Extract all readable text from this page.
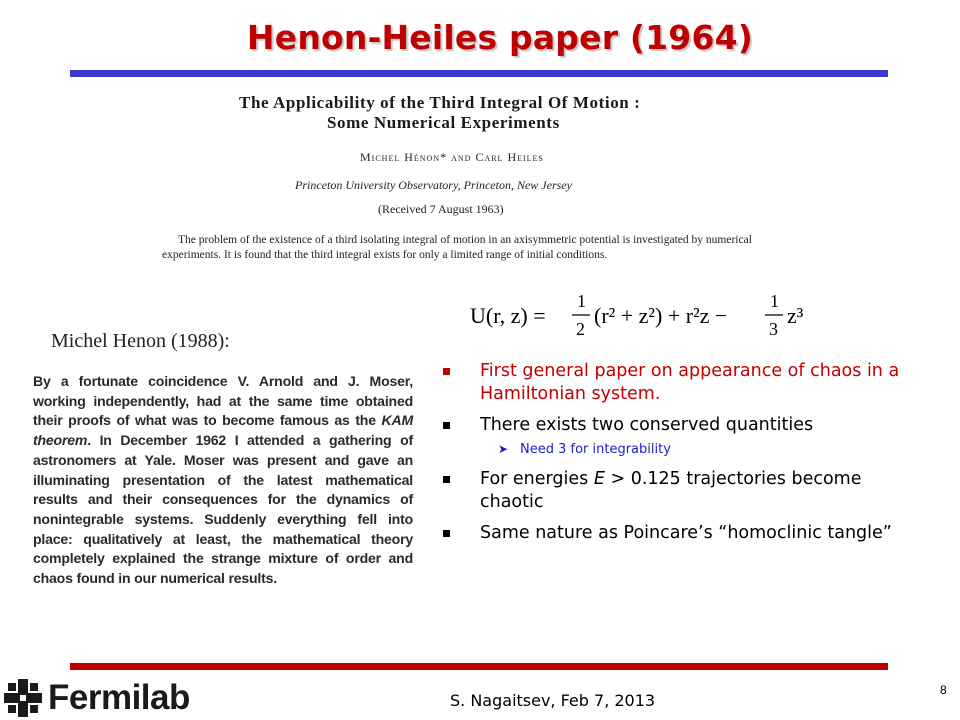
Henon-Heiles paper (1964)
The Applicability of the Third Integral Of Motion :
Some Numerical Experiments
Michel Hénon* and Carl Heiles
Princeton University Observatory, Princeton, New Jersey
(Received 7 August 1963)

The problem of the existence of a third isolating integral of motion in an axisymmetric potential is investigated by numerical experiments. It is found that the third integral exists for only a limited range of initial conditions.

U(r, z) =
1
2
(r² + z²) + r²z −
1
3
z³
Michel Henon (1988):

By a fortunate coincidence V. Arnold and J. Moser, working independently, had at the same time obtained their proofs of what was to become famous as the KAM theorem. In December 1962 I attended a gathering of astronomers at Yale. Moser was present and gave an illuminating presentation of the latest mathematical results and their consequences for the dynamics of nonintegrable systems. Suddenly everything fell into place: qualitatively at least, the mathematical theory completely explained the strange mixture of order and chaos found in our numerical results.

First general paper on appearance of chaos in a Hamiltonian system.
There exists two conserved quantities
➤ Need 3 for integrability
For energies E > 0.125 trajectories become chaotic
Same nature as Poincare’s “homoclinic tangle”
Fermilab	S. Nagaitsev, Feb 7, 2013
8
